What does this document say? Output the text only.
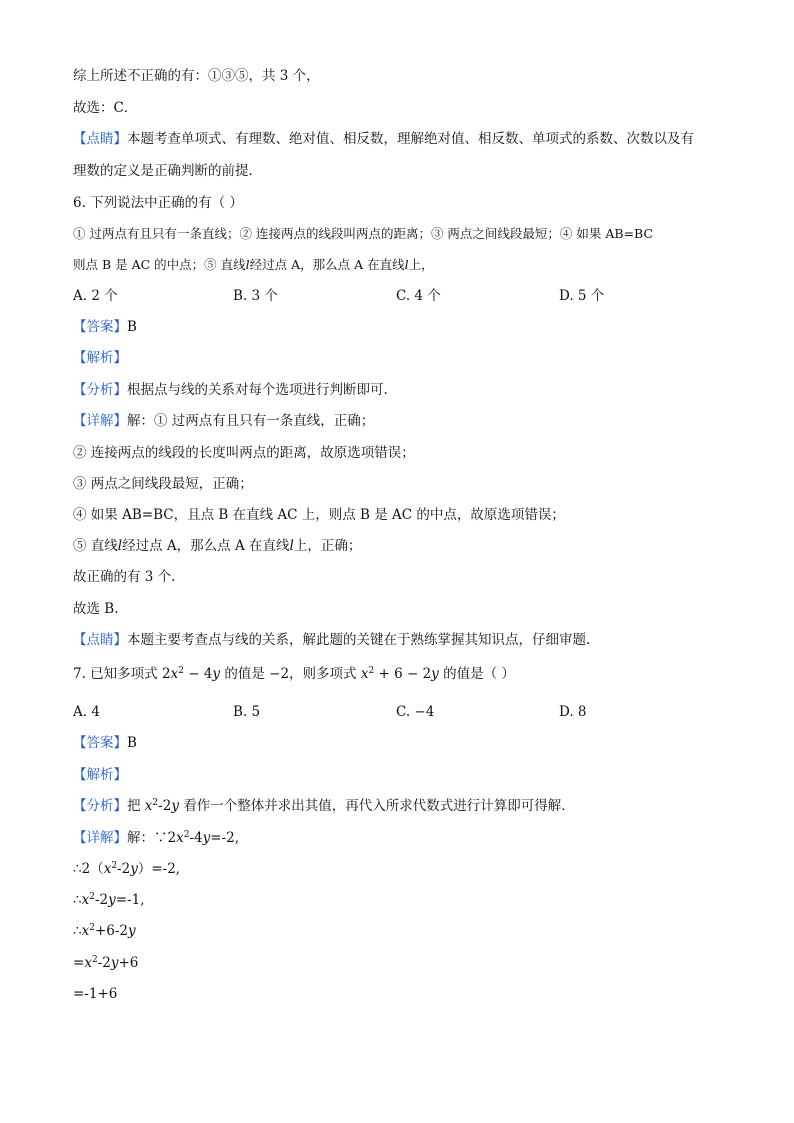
综上所述不正确的有：①③⑤，共 3 个，
故选：C．
【点睛】本题考查单项式、有理数、绝对值、相反数，理解绝对值、相反数、单项式的系数、次数以及有
理数的定义是正确判断的前提．
6. 下列说法中正确的有（ ）
① 过两点有且只有一条直线；② 连接两点的线段叫两点的距离；③ 两点之间线段最短；④ 如果 AB=BC
则点 B 是 AC 的中点；⑤ 直线l经过点 A，那么点 A 在直线l上，
A. 2 个	B. 3 个	C. 4 个	D. 5 个
【答案】B
【解析】
【分析】根据点与线的关系对每个选项进行判断即可.
【详解】解：① 过两点有且只有一条直线，正确；
② 连接两点的线段的长度叫两点的距离，故原选项错误；
③ 两点之间线段最短，正确；
④ 如果 AB=BC，且点 B 在直线 AC 上，则点 B 是 AC 的中点，故原选项错误；
⑤ 直线l经过点 A，那么点 A 在直线l上，正确；
故正确的有 3 个.
故选 B.
【点睛】本题主要考查点与线的关系，解此题的关键在于熟练掌握其知识点，仔细审题.
7. 已知多项式 $2x^2 - 4y$ 的值是 −2，则多项式 $x^2 + 6 - 2y$ 的值是（ ）
A. 4	B. 5	C. −4	D. 8
【答案】B
【解析】
【分析】把 $x^2-2y$ 看作一个整体并求出其值，再代入所求代数式进行计算即可得解．
【详解】解：$\because 2x^2-4y=-2$,
$\therefore 2(x^2-2y)=-2$,
$\therefore x^2-2y=-1$,
$\therefore x^2+6-2y$
$=x^2-2y+6$
=-1+6
